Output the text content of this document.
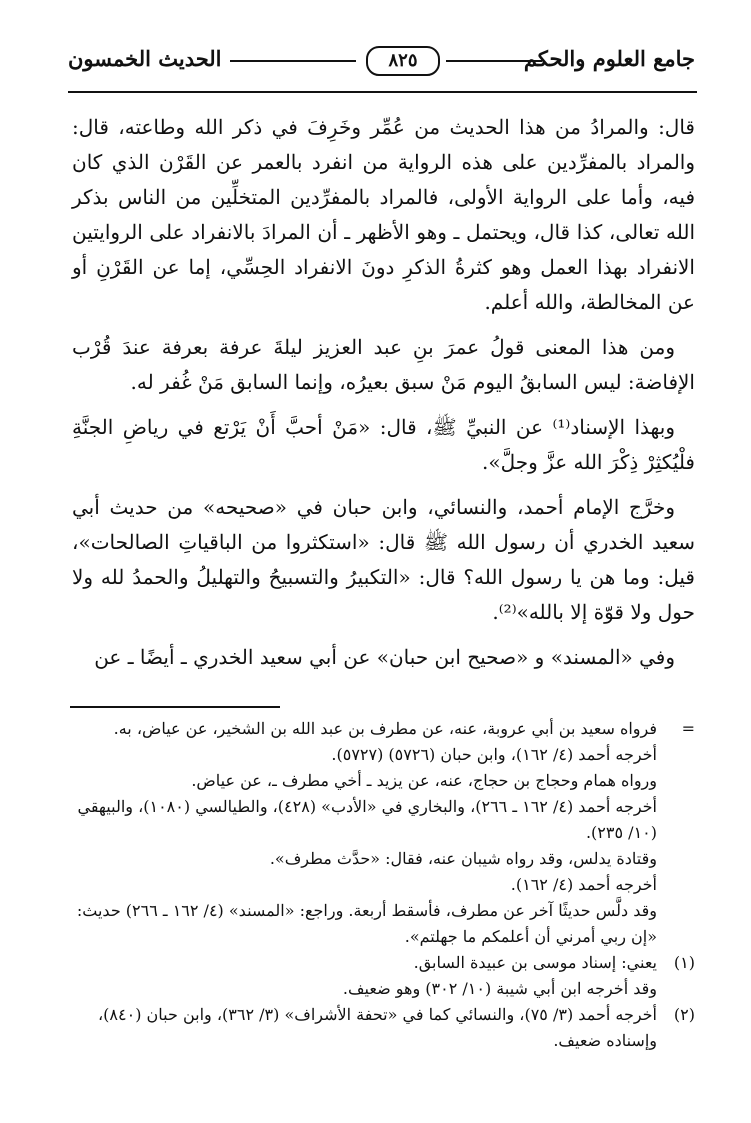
جامع العلوم والحكم
٨٢٥
الحديث الخمسون

قال: والمرادُ من هذا الحديث من عُمِّر وخَرِفَ في ذكر الله وطاعته، قال: والمراد بالمفرِّدين على هذه الرواية من انفرد بالعمر عن القَرْن الذي كان فيه، وأما على الرواية الأولى، فالمراد بالمفرِّدين المتخلِّين من الناس بذكر الله تعالى، كذا قال، ويحتمل ـ وهو الأظهر ـ أن المرادَ بالانفراد على الروايتين الانفراد بهذا العمل وهو كثرةُ الذكرِ دونَ الانفراد الحِسِّي، إما عن القَرْنِ أو عن المخالطة، والله أعلم.

ومن هذا المعنى قولُ عمرَ بنِ عبد العزيز ليلةَ عرفة بعرفة عندَ قُرْب الإفاضة: ليس السابقُ اليوم مَنْ سبق بعيرُه، وإنما السابق مَنْ غُفر له.

وبهذا الإسناد⁽¹⁾ عن النبيِّ ﷺ، قال: «مَنْ أحبَّ أَنْ يَرْتع في رياضِ الجنَّةِ فلْيُكثِرْ ذِكْرَ الله عزَّ وجلَّ».

وخرَّج الإمام أحمد، والنسائي، وابن حبان في «صحيحه» من حديث أبي سعيد الخدري أن رسول الله ﷺ قال: «استكثروا من الباقياتِ الصالحات»، قيل: وما هن يا رسول الله؟ قال: «التكبيرُ والتسبيحُ والتهليلُ والحمدُ لله ولا حول ولا قوّة إلا بالله»⁽²⁾.

وفي «المسند» و «صحيح ابن حبان» عن أبي سعيد الخدري ـ أيضًا ـ عن

=
فرواه سعيد بن أبي عروبة، عنه، عن مطرف بن عبد الله بن الشخير، عن عياض، به.
أخرجه أحمد (٤/ ١٦٢)، وابن حبان (٥٧٢٦) (٥٧٢٧).
ورواه همام وحجاج بن حجاج، عنه، عن يزيد ـ أخي مطرف ـ، عن عياض.
أخرجه أحمد (٤/ ١٦٢ ـ ٢٦٦)، والبخاري في «الأدب» (٤٢٨)، والطيالسي (١٠٨٠)، والبيهقي (١٠/ ٢٣٥).
وقتادة يدلس، وقد رواه شيبان عنه، فقال: «حدَّث مطرف».
أخرجه أحمد (٤/ ١٦٢).
وقد دلَّس حديثًا آخر عن مطرف، فأسقط أربعة. وراجع: «المسند» (٤/ ١٦٢ ـ ٢٦٦) حديث: «إن ربي أمرني أن أعلمكم ما جهلتم».
(١)
يعني: إسناد موسى بن عبيدة السابق.
وقد أخرجه ابن أبي شيبة (١٠/ ٣٠٢) وهو ضعيف.
(٢)
أخرجه أحمد (٣/ ٧٥)، والنسائي كما في «تحفة الأشراف» (٣/ ٣٦٢)، وابن حبان (٨٤٠)، وإسناده ضعيف.
